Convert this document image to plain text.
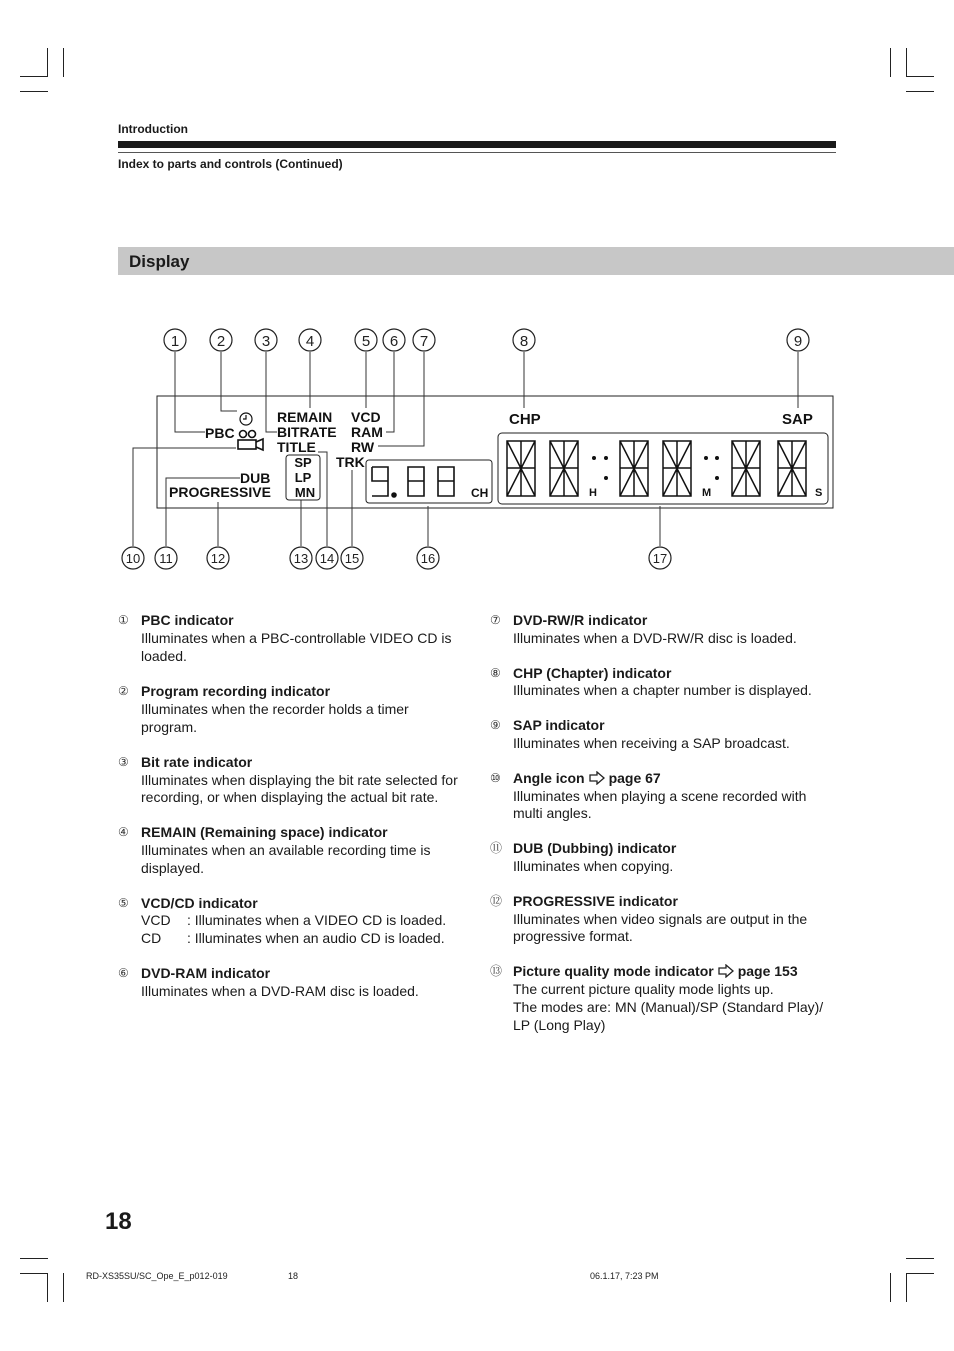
Introduction
Index to parts and controls (Continued)
Display
1	2 3 4	5 6 7	8	9
10 11	12	13 14 15	16	17
PBC
REMAIN
BITRATE
TITLE
VCD
RAM
RW
TRK
DUB
PROGRESSIVE
CHP	SAP
SP
LP
MN	CH	H	M	S
① PBC indicator
Illuminates when a PBC-controllable VIDEO CD is loaded.
② Program recording indicator
Illuminates when the recorder holds a timer program.
③ Bit rate indicator
Illuminates when displaying the bit rate selected for recording, or when displaying the actual bit rate.
④ REMAIN (Remaining space) indicator
Illuminates when an available recording time is displayed.
⑤ VCD/CD indicator
VCD : Illuminates when a VIDEO CD is loaded.
CD : Illuminates when an audio CD is loaded.
⑥ DVD-RAM indicator
Illuminates when a DVD-RAM disc is loaded.
⑦ DVD-RW/R indicator
Illuminates when a DVD-RW/R disc is loaded.
⑧ CHP (Chapter) indicator
Illuminates when a chapter number is displayed.
⑨ SAP indicator
Illuminates when receiving a SAP broadcast.
⑩ Angle icon page 67
Illuminates when playing a scene recorded with multi angles.
⑪ DUB (Dubbing) indicator
Illuminates when copying.
⑫ PROGRESSIVE indicator
Illuminates when video signals are output in the progressive format.
⑬ Picture quality mode indicator page 153
The current picture quality mode lights up.
The modes are: MN (Manual)/SP (Standard Play)/ LP (Long Play)
18
RD-XS35SU/SC_Ope_E_p012-019	18	06.1.17, 7:23 PM
